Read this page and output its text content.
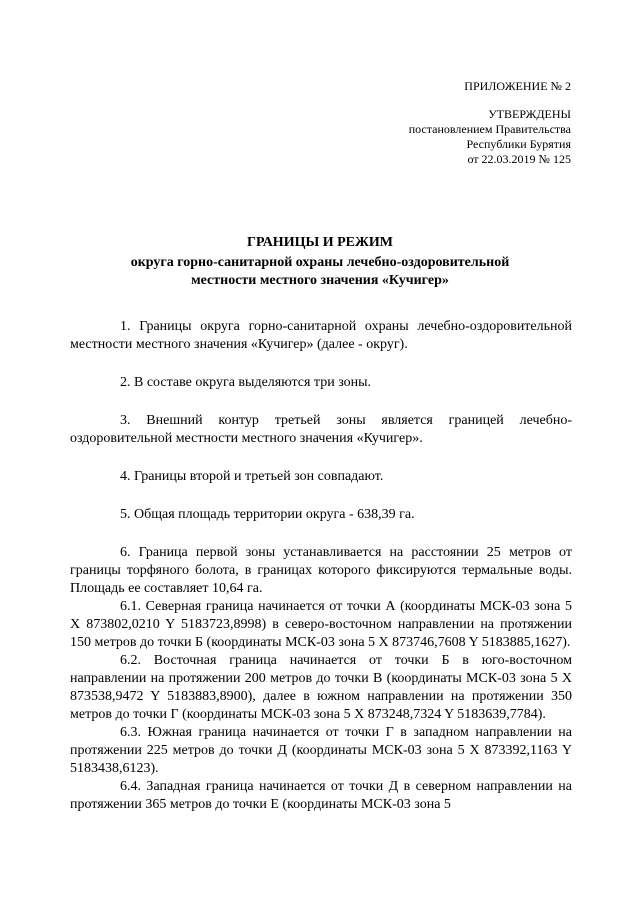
ПРИЛОЖЕНИЕ № 2
УТВЕРЖДЕНЫ
постановлением Правительства
Республики Бурятия
от 22.03.2019 № 125
ГРАНИЦЫ И РЕЖИМ
округа горно-санитарной охраны лечебно-оздоровительной
местности местного значения «Кучигер»

1. Границы округа горно-санитарной охраны лечебно-оздоровительной местности местного значения «Кучигер» (далее - округ).

2. В составе округа выделяются три зоны.

3. Внешний контур третьей зоны является границей лечебно-оздоровительной местности местного значения «Кучигер».

4. Границы второй и третьей зон совпадают.

5. Общая площадь территории округа - 638,39 га.

6. Граница первой зоны устанавливается на расстоянии 25 метров от границы торфяного болота, в границах которого фиксируются термальные воды. Площадь ее составляет 10,64 га.

6.1. Северная граница начинается от точки А (координаты МСК-03 зона 5 X 873802,0210 Y 5183723,8998) в северо-восточном направлении на протяжении 150 метров до точки Б (координаты МСК-03 зона 5 X 873746,7608 Y 5183885,1627).

6.2. Восточная граница начинается от точки Б в юго-восточном направлении на протяжении 200 метров до точки В (координаты МСК-03 зона 5 X 873538,9472 Y 5183883,8900), далее в южном направлении на протяжении 350 метров до точки Г (координаты МСК-03 зона 5 X 873248,7324 Y 5183639,7784).

6.3. Южная граница начинается от точки Г в западном направлении на протяжении 225 метров до точки Д (координаты МСК-03 зона 5 X 873392,1163 Y 5183438,6123).

6.4. Западная граница начинается от точки Д в северном направлении на протяжении 365 метров до точки Е (координаты МСК-03 зона 5
